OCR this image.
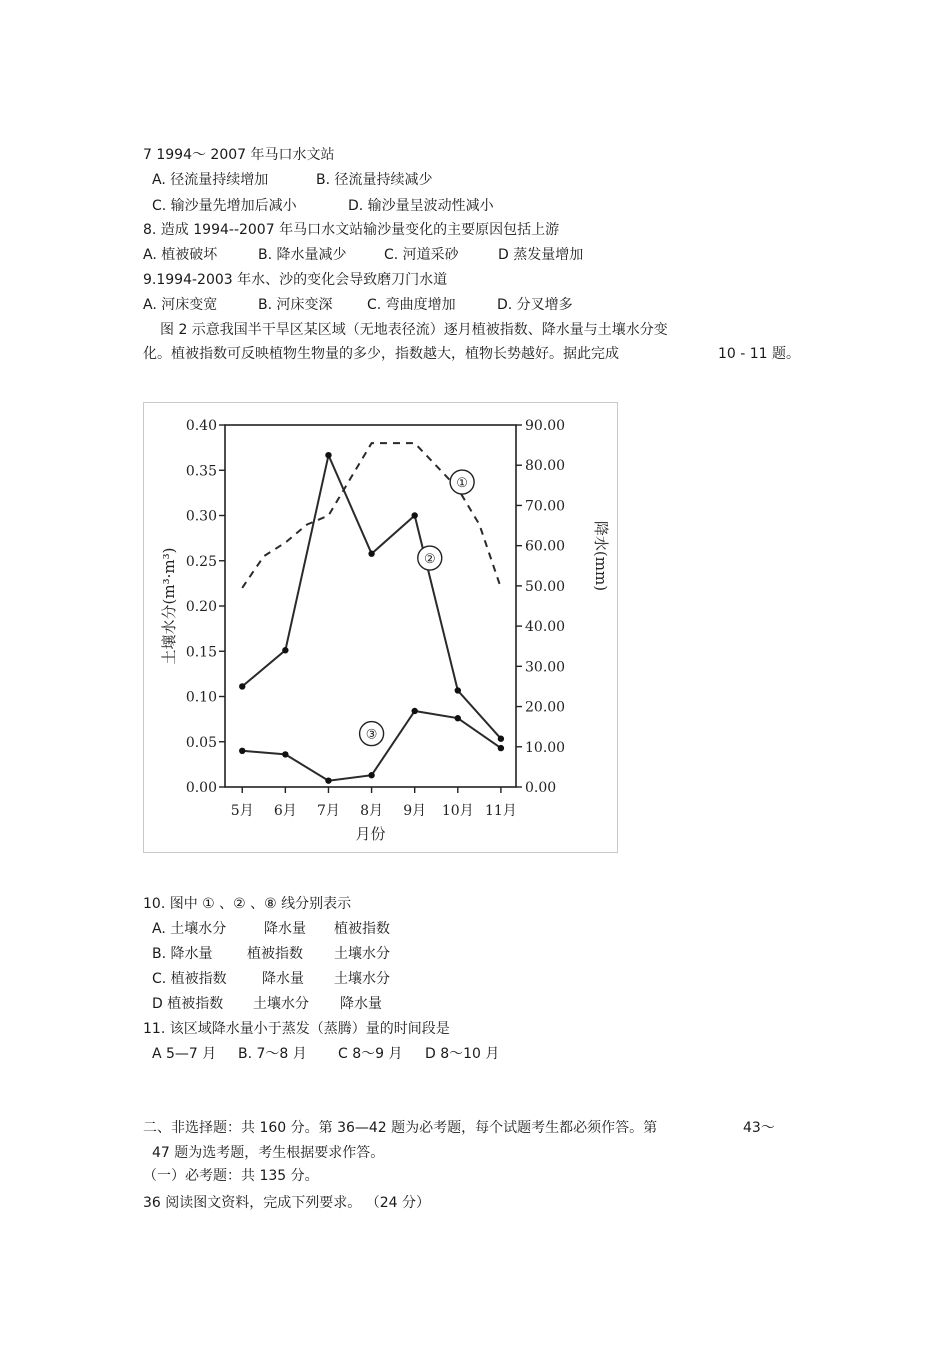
7 1994～ 2007 年马口水文站
A. 径流量持续增加	B. 径流量持续减少
C. 输沙量先增加后减小	D. 输沙量呈波动性减小
8. 造成 1994--2007 年马口水文站输沙量变化的主要原因包括上游
A. 植被破坏	B. 降水量减少	C. 河道采砂	D 蒸发量增加
9.1994-2003 年水、沙的变化会导致磨刀门水道
A. 河床变宽	B. 河床变深 C. 弯曲度增加	D. 分叉增多
图 2 示意我国半干旱区某区域（无地表径流）逐月植被指数、降水量与土壤水分变
化。植被指数可反映植物生物量的多少，指数越大，植物长势越好。据此完成	10 - 11 题。
①
②
③
月份
土壤水分(m³·m³)	降水(mm)
0.00
0.05
0.10
0.15
0.20
0.25
0.30
0.35
0.40
0.00
10.00
20.00
30.00
40.00
50.00
60.00
70.00
80.00
90.00
5月 6月 7月 8月 9月 10月 11月
10. 图中 ① 、② 、⑧ 线分别表示
A. 土壤水分	降水量 植被指数
B. 降水量 植被指数 土壤水分
C. 植被指数	降水量 土壤水分
D 植被指数 土壤水分 降水量
11. 该区域降水量小于蒸发（蒸腾）量的时间段是
A 5—7 月 B. 7～8 月 C 8～9 月 D 8～10 月
二、非选择题：共 160 分。第 36—42 题为必考题，每个试题考生都必须作答。第	43～
47 题为选考题，考生根据要求作答。
（一）必考题：共 135 分。
36 阅读图文资料，完成下列要求。 （24 分）
